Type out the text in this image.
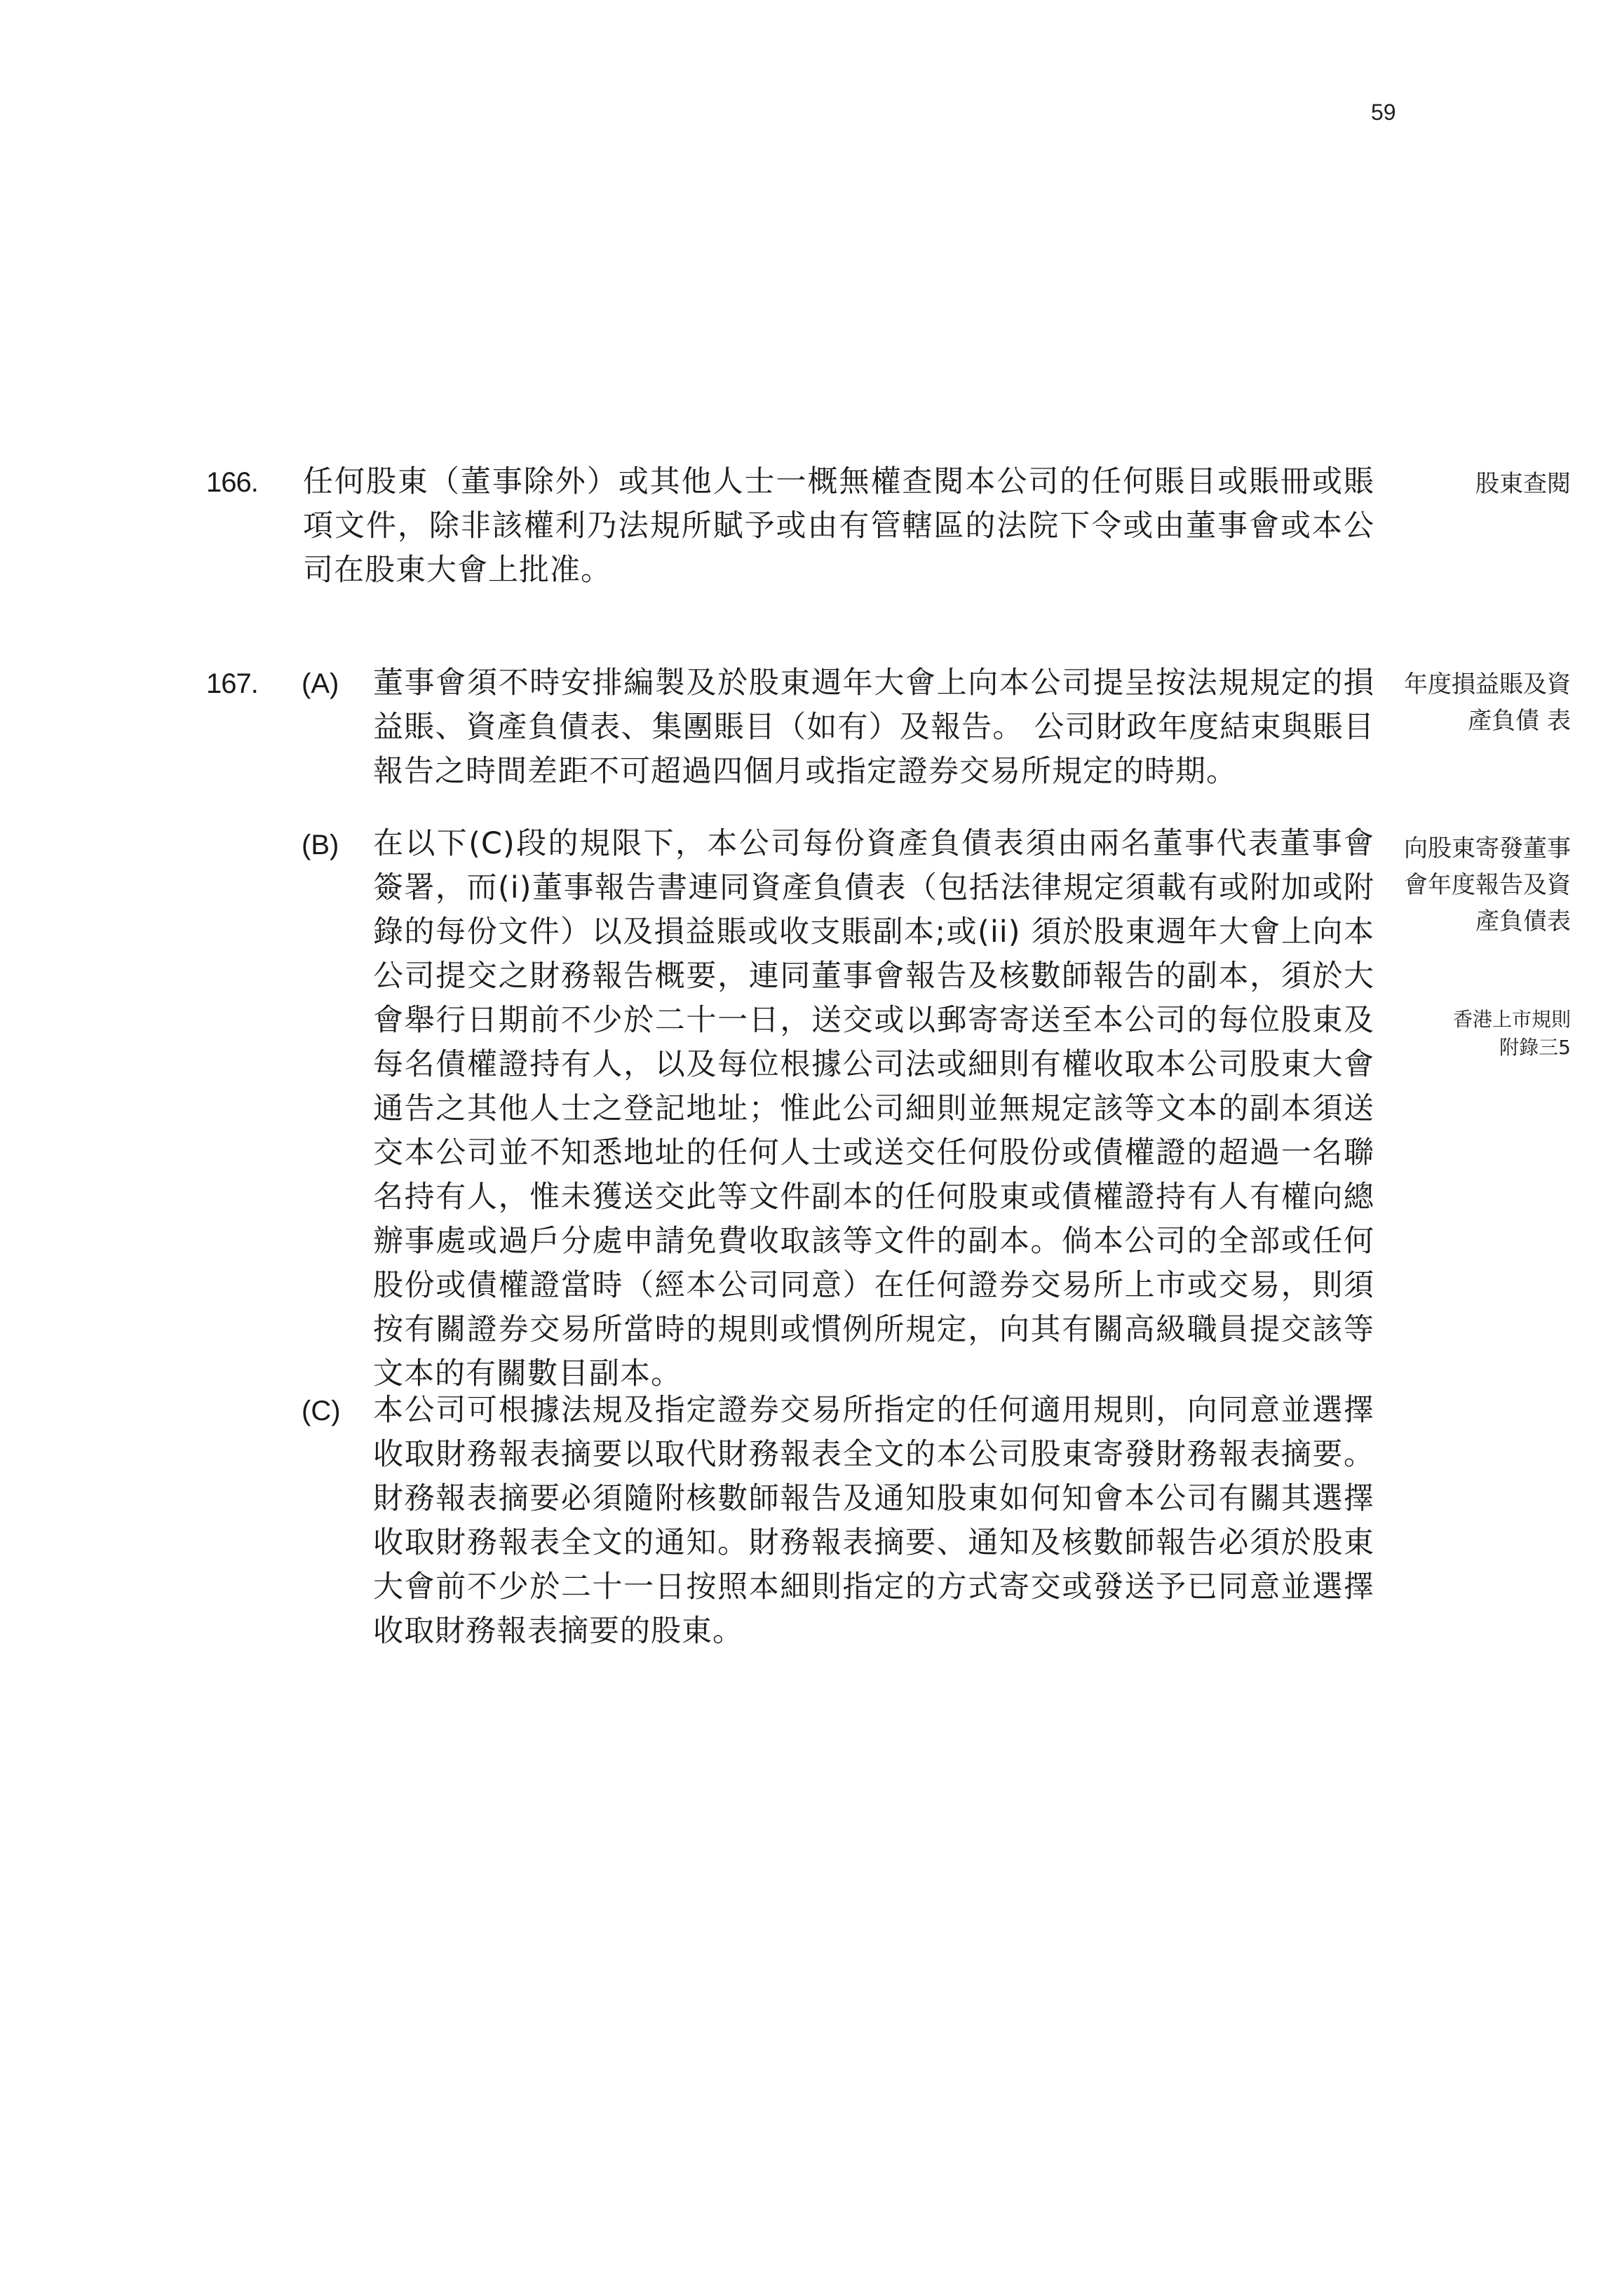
59
166. 任何股東（董事除外）或其他人士一概無權查閱本公司的任何賬目或賬冊或賬項文件，除非該權利乃法規所賦予或由有管轄區的法院下令或由董事會或本公司在股東大會上批准。
股東查閱
167. (A) 董事會須不時安排編製及於股東週年大會上向本公司提呈按法規規定的損益賬、資產負債表、集團賬目（如有）及報告。 公司財政年度結束與賬目報告之時間差距不可超過四個月或指定證券交易所規定的時期。
年度損益賬及資產負債 表
(B) 在以下(C)段的規限下，本公司每份資產負債表須由兩名董事代表董事會簽署，而(i)董事報告書連同資產負債表（包括法律規定須載有或附加或附錄的每份文件）以及損益賬或收支賬副本;或(ii) 須於股東週年大會上向本公司提交之財務報告概要，連同董事會報告及核數師報告的副本，須於大會舉行日期前不少於二十一日，送交或以郵寄寄送至本公司的每位股東及每名債權證持有人，以及每位根據公司法或細則有權收取本公司股東大會通告之其他人士之登記地址；惟此公司細則並無規定該等文本的副本須送交本公司並不知悉地址的任何人士或送交任何股份或債權證的超過一名聯名持有人，惟未獲送交此等文件副本的任何股東或債權證持有人有權向總辦事處或過戶分處申請免費收取該等文件的副本。倘本公司的全部或任何股份或債權證當時（經本公司同意）在任何證券交易所上市或交易，則須按有關證券交易所當時的規則或慣例所規定，向其有關高級職員提交該等文本的有關數目副本。
向股東寄發董事會年度報告及資產負債表
香港上市規則
附錄三5
(C) 本公司可根據法規及指定證券交易所指定的任何適用規則，向同意並選擇收取財務報表摘要以取代財務報表全文的本公司股東寄發財務報表摘要。財務報表摘要必須隨附核數師報告及通知股東如何知會本公司有關其選擇收取財務報表全文的通知。財務報表摘要、通知及核數師報告必須於股東大會前不少於二十一日按照本細則指定的方式寄交或發送予已同意並選擇收取財務報表摘要的股東。
